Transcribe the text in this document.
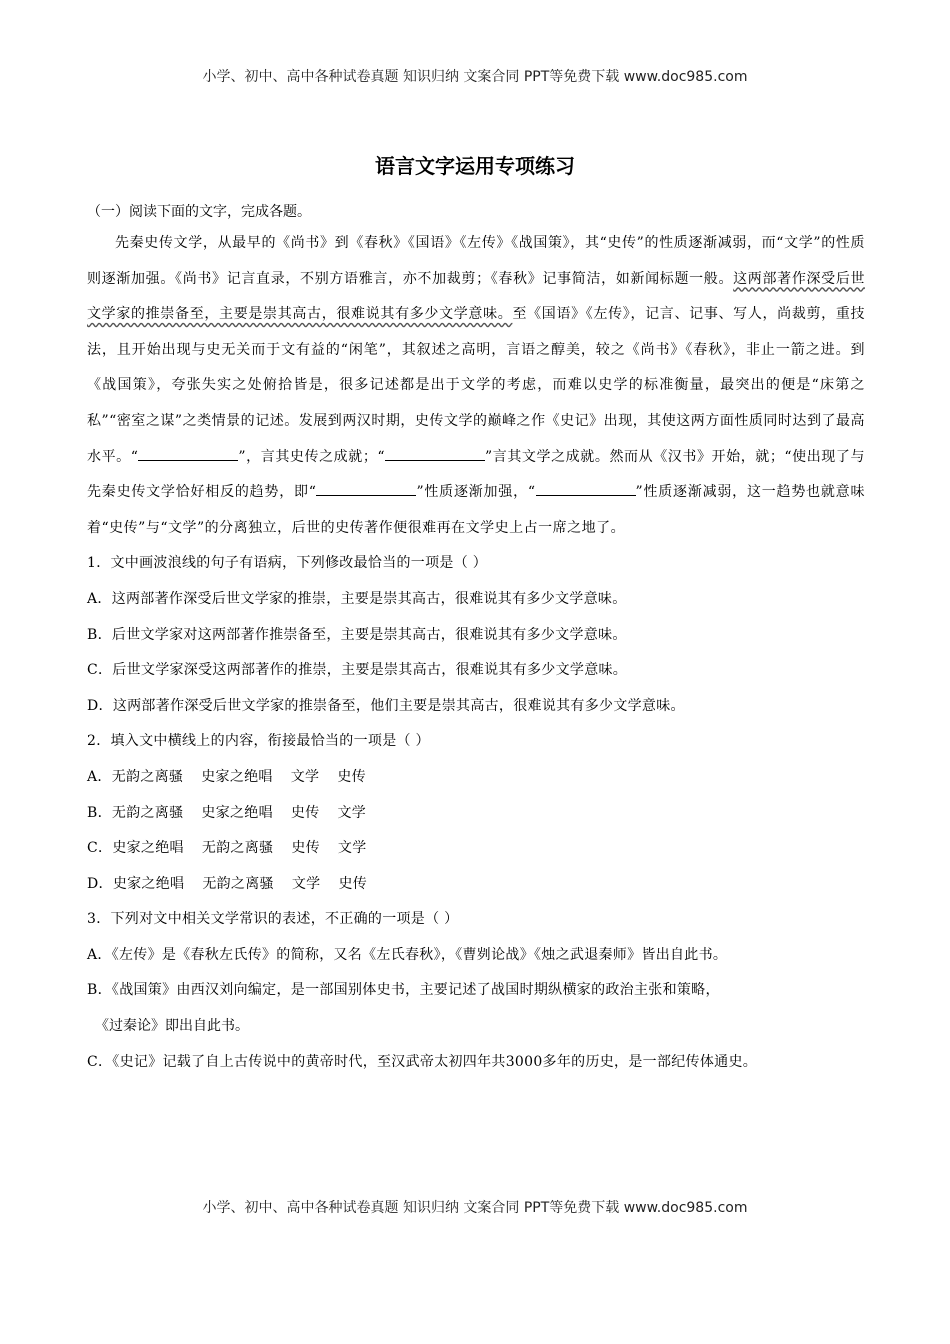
小学、初中、高中各种试卷真题 知识归纳 文案合同 PPT等免费下载 www.doc985.com
语言文字运用专项练习
（一）阅读下面的文字，完成各题。

先秦史传文学，从最早的《尚书》到《春秋》《国语》《左传》《战国策》，其“史传”的性质逐渐减弱，而“文学”的性质则逐渐加强。《尚书》记言直录，不别方语雅言，亦不加裁剪；《春秋》记事简洁，如新闻标题一般。这两部著作深受后世文学家的推崇备至，主要是崇其高古，很难说其有多少文学意味。至《国语》《左传》，记言、记事、写人，尚裁剪，重技法，且开始出现与史无关而于文有益的“闲笔”，其叙述之高明，言语之醇美，较之《尚书》《春秋》，非止一箭之进。到《战国策》，夸张失实之处俯拾皆是，很多记述都是出于文学的考虑，而难以史学的标准衡量，最突出的便是“床第之私”“密室之谋”之类情景的记述。发展到两汉时期，史传文学的巅峰之作《史记》出现，其使这两方面性质同时达到了最高水平。“	”，言其史传之成就；“	”言其文学之成就。然而从《汉书》开始，就；“使出现了与先秦史传文学恰好相反的趋势，即“	”性质逐渐加强，“	”性质逐渐减弱，这一趋势也就意味着“史传”与“文学”的分离独立，后世的史传著作便很难再在文学史上占一席之地了。

1．文中画波浪线的句子有语病，下列修改最恰当的一项是（ ）

A．这两部著作深受后世文学家的推崇，主要是崇其高古，很难说其有多少文学意味。

B．后世文学家对这两部著作推崇备至，主要是崇其高古，很难说其有多少文学意味。

C．后世文学家深受这两部著作的推崇，主要是崇其高古，很难说其有多少文学意味。

D．这两部著作深受后世文学家的推崇备至，他们主要是崇其高古，很难说其有多少文学意味。

2．填入文中横线上的内容，衔接最恰当的一项是（ ）

A．无韵之离骚 史家之绝唱 文学 史传

B．无韵之离骚 史家之绝唱 史传 文学

C．史家之绝唱 无韵之离骚 史传 文学

D．史家之绝唱 无韵之离骚 文学 史传

3．下列对文中相关文学常识的表述，不正确的一项是（ ）

A．《左传》是《春秋左氏传》的简称，又名《左氏春秋》，《曹刿论战》《烛之武退秦师》皆出自此书。

B．《战国策》由西汉刘向编定，是一部国别体史书，主要记述了战国时期纵横家的政治主张和策略，

《过秦论》即出自此书。

C．《史记》记载了自上古传说中的黄帝时代，至汉武帝太初四年共3000多年的历史，是一部纪传体通史。

小学、初中、高中各种试卷真题 知识归纳 文案合同 PPT等免费下载 www.doc985.com
